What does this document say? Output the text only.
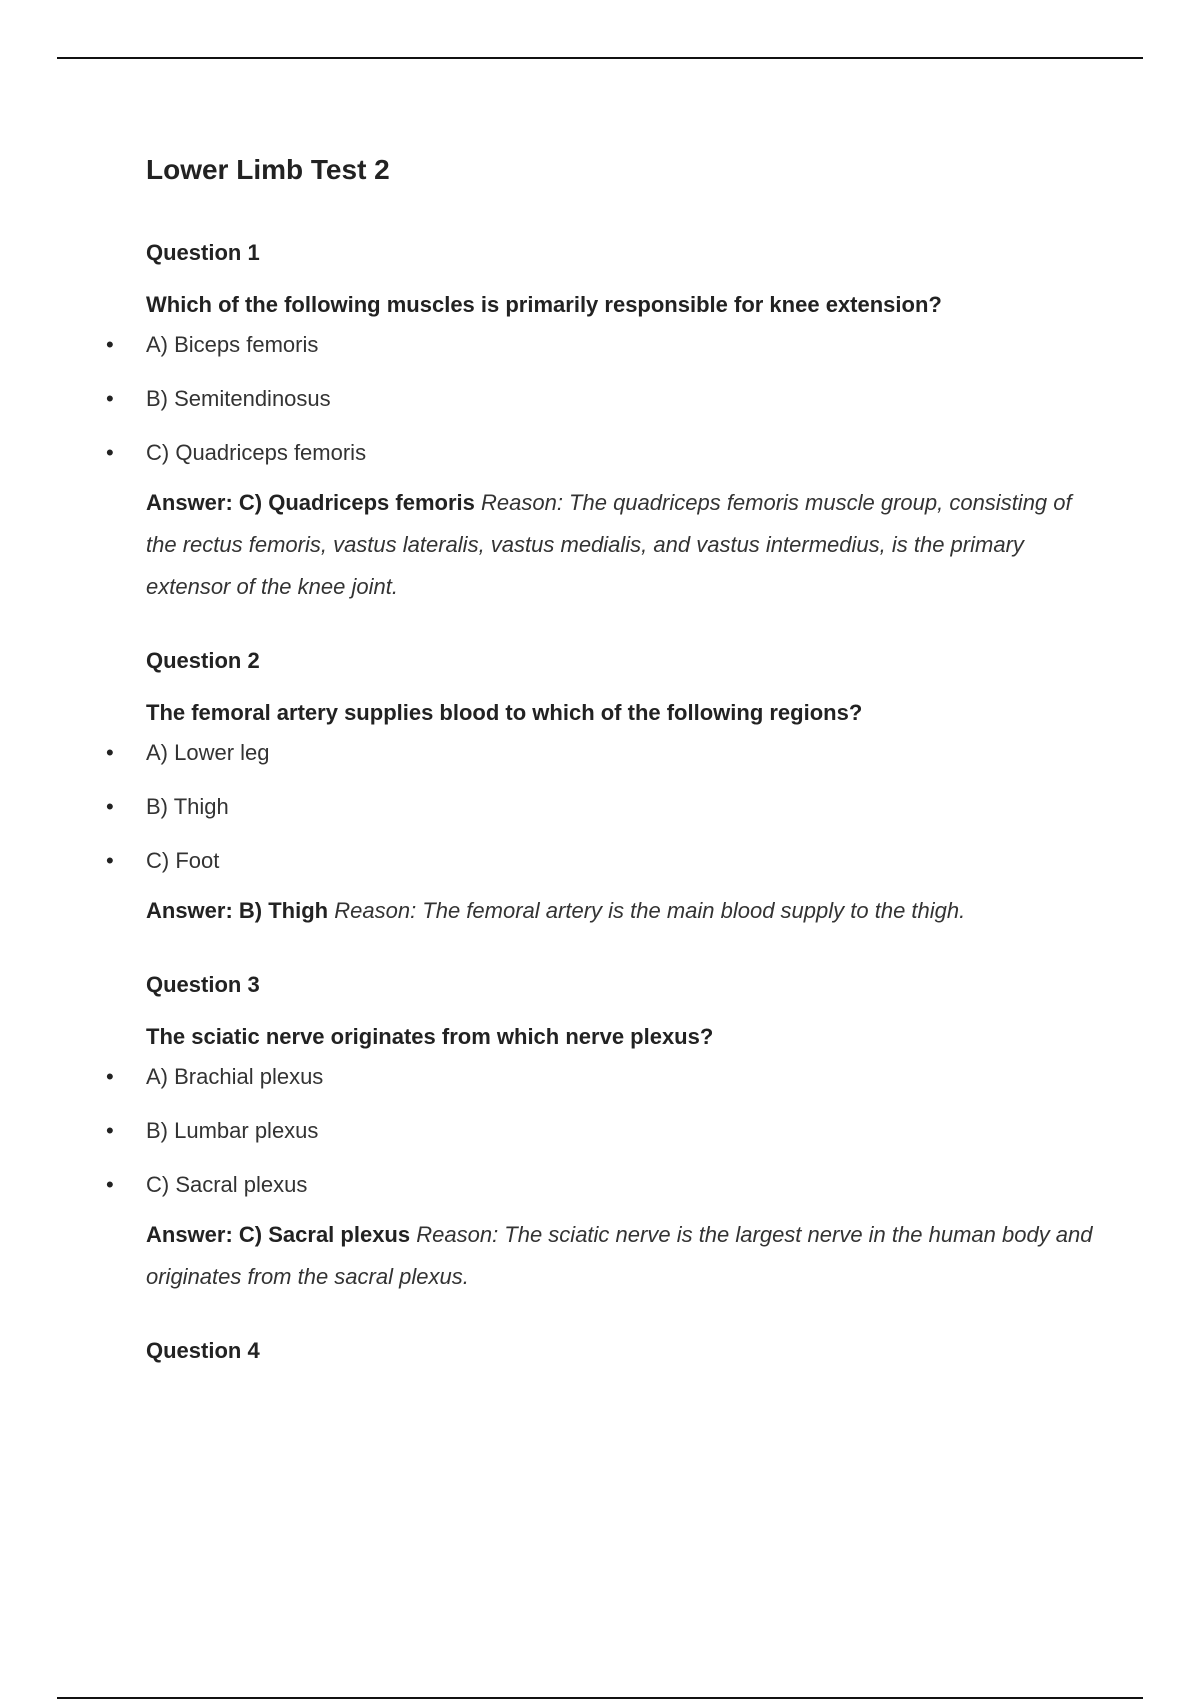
Lower Limb Test 2
Question 1
Which of the following muscles is primarily responsible for knee extension?
• A) Biceps femoris
• B) Semitendinosus
• C) Quadriceps femoris

Answer: C) Quadriceps femoris Reason: The quadriceps femoris muscle group, consisting of the rectus femoris, vastus lateralis, vastus medialis, and vastus intermedius, is the primary extensor of the knee joint.

Question 2
The femoral artery supplies blood to which of the following regions?
• A) Lower leg
• B) Thigh
• C) Foot

Answer: B) Thigh Reason: The femoral artery is the main blood supply to the thigh.

Question 3
The sciatic nerve originates from which nerve plexus?
• A) Brachial plexus
• B) Lumbar plexus
• C) Sacral plexus

Answer: C) Sacral plexus Reason: The sciatic nerve is the largest nerve in the human body and originates from the sacral plexus.

Question 4
